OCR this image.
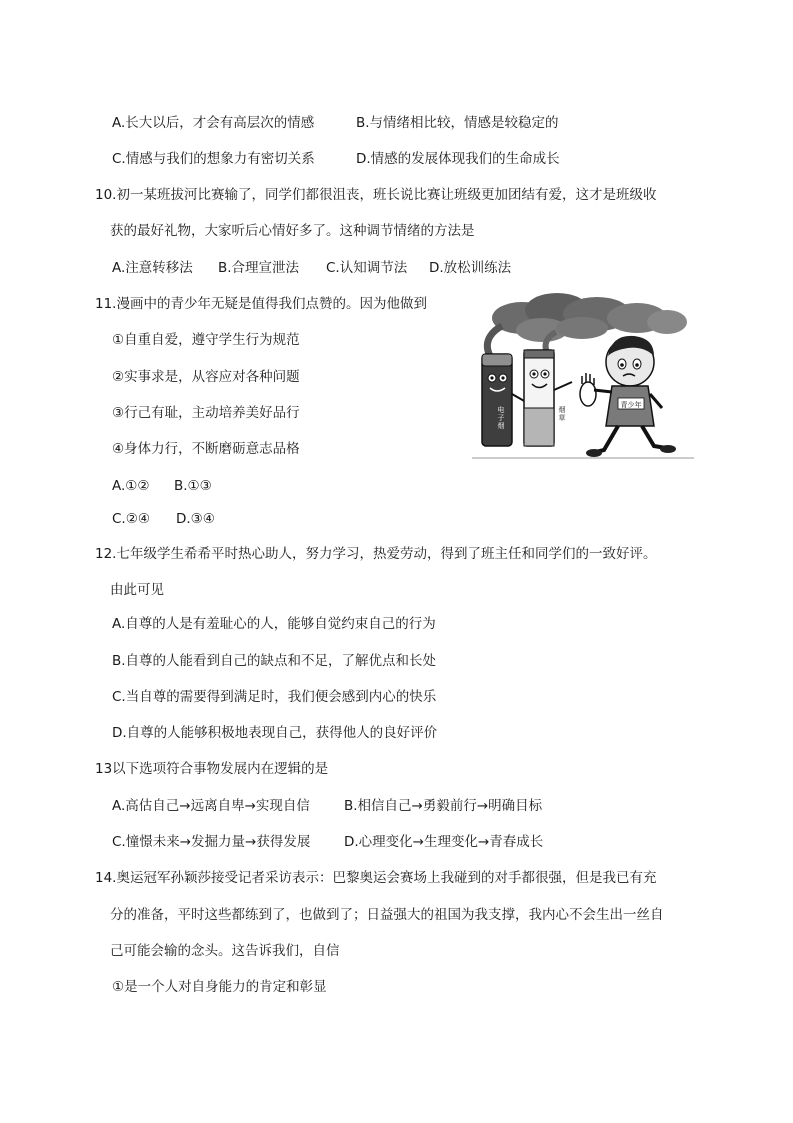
A.长大以后，才会有高层次的情感	B.与情绪相比较，情感是较稳定的
C.情感与我们的想象力有密切关系	D.情感的发展体现我们的生命成长
10.初一某班拔河比赛输了，同学们都很沮丧，班长说比赛让班级更加团结有爱，这才是班级收
获的最好礼物，大家听后心情好多了。这种调节情绪的方法是
A.注意转移法 B.合理宣泄法 C.认知调节法 D.放松训练法
11.漫画中的青少年无疑是值得我们点赞的。因为他做到
①自重自爱，遵守学生行为规范
②实事求是，从容应对各种问题
③行己有耻，主动培养美好品行
④身体力行，不断磨砺意志品格
A.①② B.①③
C.②④ D.③④
电子烟
烟草
青少年
12.七年级学生希希平时热心助人，努力学习，热爱劳动，得到了班主任和同学们的一致好评。
由此可见
A.自尊的人是有羞耻心的人，能够自觉约束自己的行为
B.自尊的人能看到自己的缺点和不足，了解优点和长处
C.当自尊的需要得到满足时，我们便会感到内心的快乐
D.自尊的人能够积极地表现自己，获得他人的良好评价
13以下选项符合事物发展内在逻辑的是
A.高估自己→远离自卑→实现自信	B.相信自己→勇毅前行→明确目标
C.憧憬未来→发掘力量→获得发展 D.心理变化→生理变化→青春成长
14.奥运冠军孙颖莎接受记者采访表示：巴黎奥运会赛场上我碰到的对手都很强，但是我已有充
分的准备，平时这些都练到了，也做到了；日益强大的祖国为我支撑，我内心不会生出一丝自
己可能会输的念头。这告诉我们，自信
①是一个人对自身能力的肯定和彰显
